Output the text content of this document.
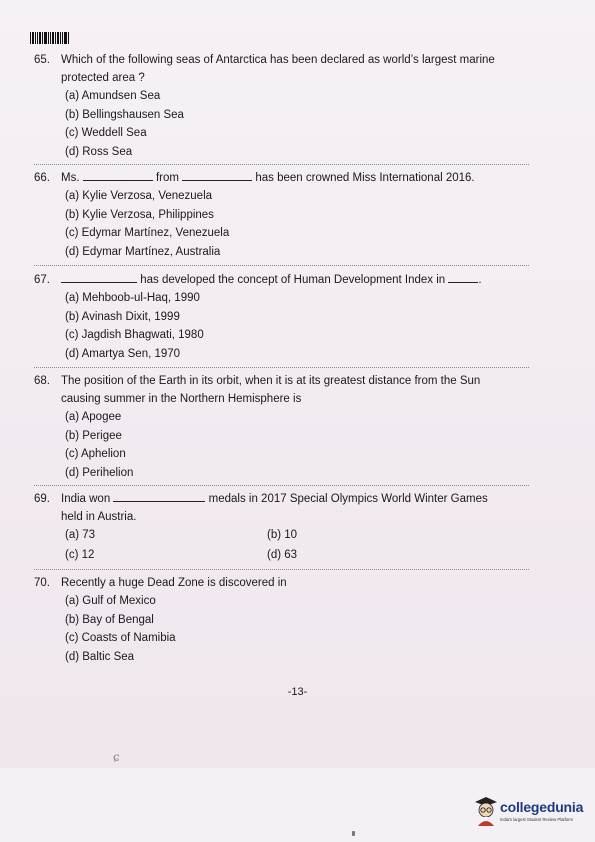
65. Which of the following seas of Antarctica has been declared as world’s largest marine
protected area ?
(a) Amundsen Sea
(b) Bellingshausen Sea
(c) Weddell Sea
(d) Ross Sea
66. Ms.	from	has been crowned Miss International 2016.
(a) Kylie Verzosa, Venezuela
(b) Kylie Verzosa, Philippines
(c) Edymar Martínez, Venezuela
(d) Edymar Martínez, Australia
67.	has developed the concept of Human Development Index in	.
(a) Mehboob-ul-Haq, 1990
(b) Avinash Dixit, 1999
(c) Jagdish Bhagwati, 1980
(d) Amartya Sen, 1970
68. The position of the Earth in its orbit, when it is at its greatest distance from the Sun
causing summer in the Northern Hemisphere is
(a) Apogee
(b) Perigee
(c) Aphelion
(d) Perihelion
69. India won	medals in 2017 Special Olympics World Winter Games
held in Austria.
(a) 73	(b) 10
(c) 12	(d) 63
70. Recently a huge Dead Zone is discovered in
(a) Gulf of Mexico
(b) Bay of Bengal
(c) Coasts of Namibia
(d) Baltic Sea
-13-
ɕ
collegedunia
India's largest Student Review Platform
